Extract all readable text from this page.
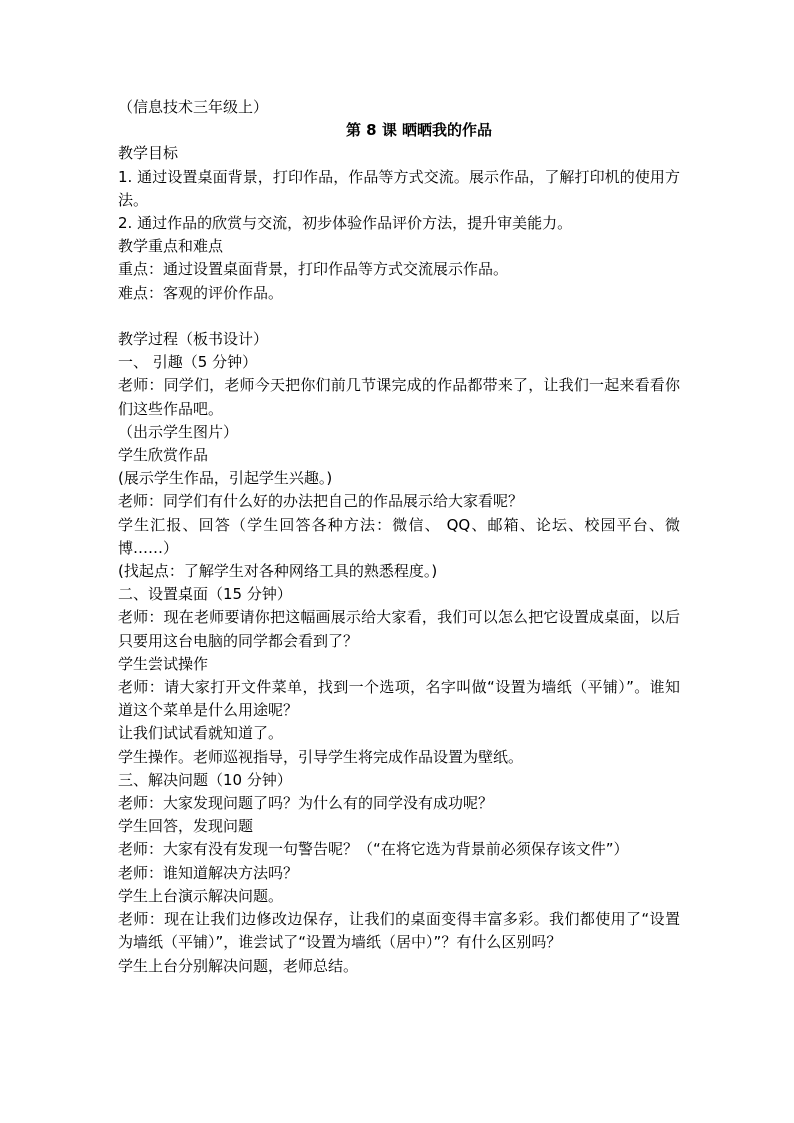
（信息技术三年级上）

第 8 课 晒晒我的作品

教学目标

1. 通过设置桌面背景，打印作品，作品等方式交流。展示作品，了解打印机的使用方法。

2. 通过作品的欣赏与交流，初步体验作品评价方法，提升审美能力。

教学重点和难点

重点：通过设置桌面背景，打印作品等方式交流展示作品。

难点：客观的评价作品。

教学过程（板书设计）

一、 引趣（5 分钟）

老师：同学们，老师今天把你们前几节课完成的作品都带来了，让我们一起来看看你们这些作品吧。

（出示学生图片）

学生欣赏作品

(展示学生作品，引起学生兴趣。)

老师：同学们有什么好的办法把自己的作品展示给大家看呢？

学生汇报、回答（学生回答各种方法：微信、 QQ、邮箱、论坛、校园平台、微博……）

(找起点：了解学生对各种网络工具的熟悉程度。)

二、设置桌面（15 分钟）

老师：现在老师要请你把这幅画展示给大家看，我们可以怎么把它设置成桌面，以后只要用这台电脑的同学都会看到了？

学生尝试操作

老师：请大家打开文件菜单，找到一个选项，名字叫做“设置为墙纸（平铺）”。谁知道这个菜单是什么用途呢？

让我们试试看就知道了。

学生操作。老师巡视指导，引导学生将完成作品设置为壁纸。

三、解决问题（10 分钟）

老师：大家发现问题了吗？为什么有的同学没有成功呢？

学生回答，发现问题

老师：大家有没有发现一句警告呢？（“在将它选为背景前必须保存该文件”）

老师：谁知道解决方法吗？

学生上台演示解决问题。

老师：现在让我们边修改边保存，让我们的桌面变得丰富多彩。我们都使用了“设置为墙纸（平铺）”，谁尝试了“设置为墙纸（居中）”？有什么区别吗？

学生上台分别解决问题，老师总结。
